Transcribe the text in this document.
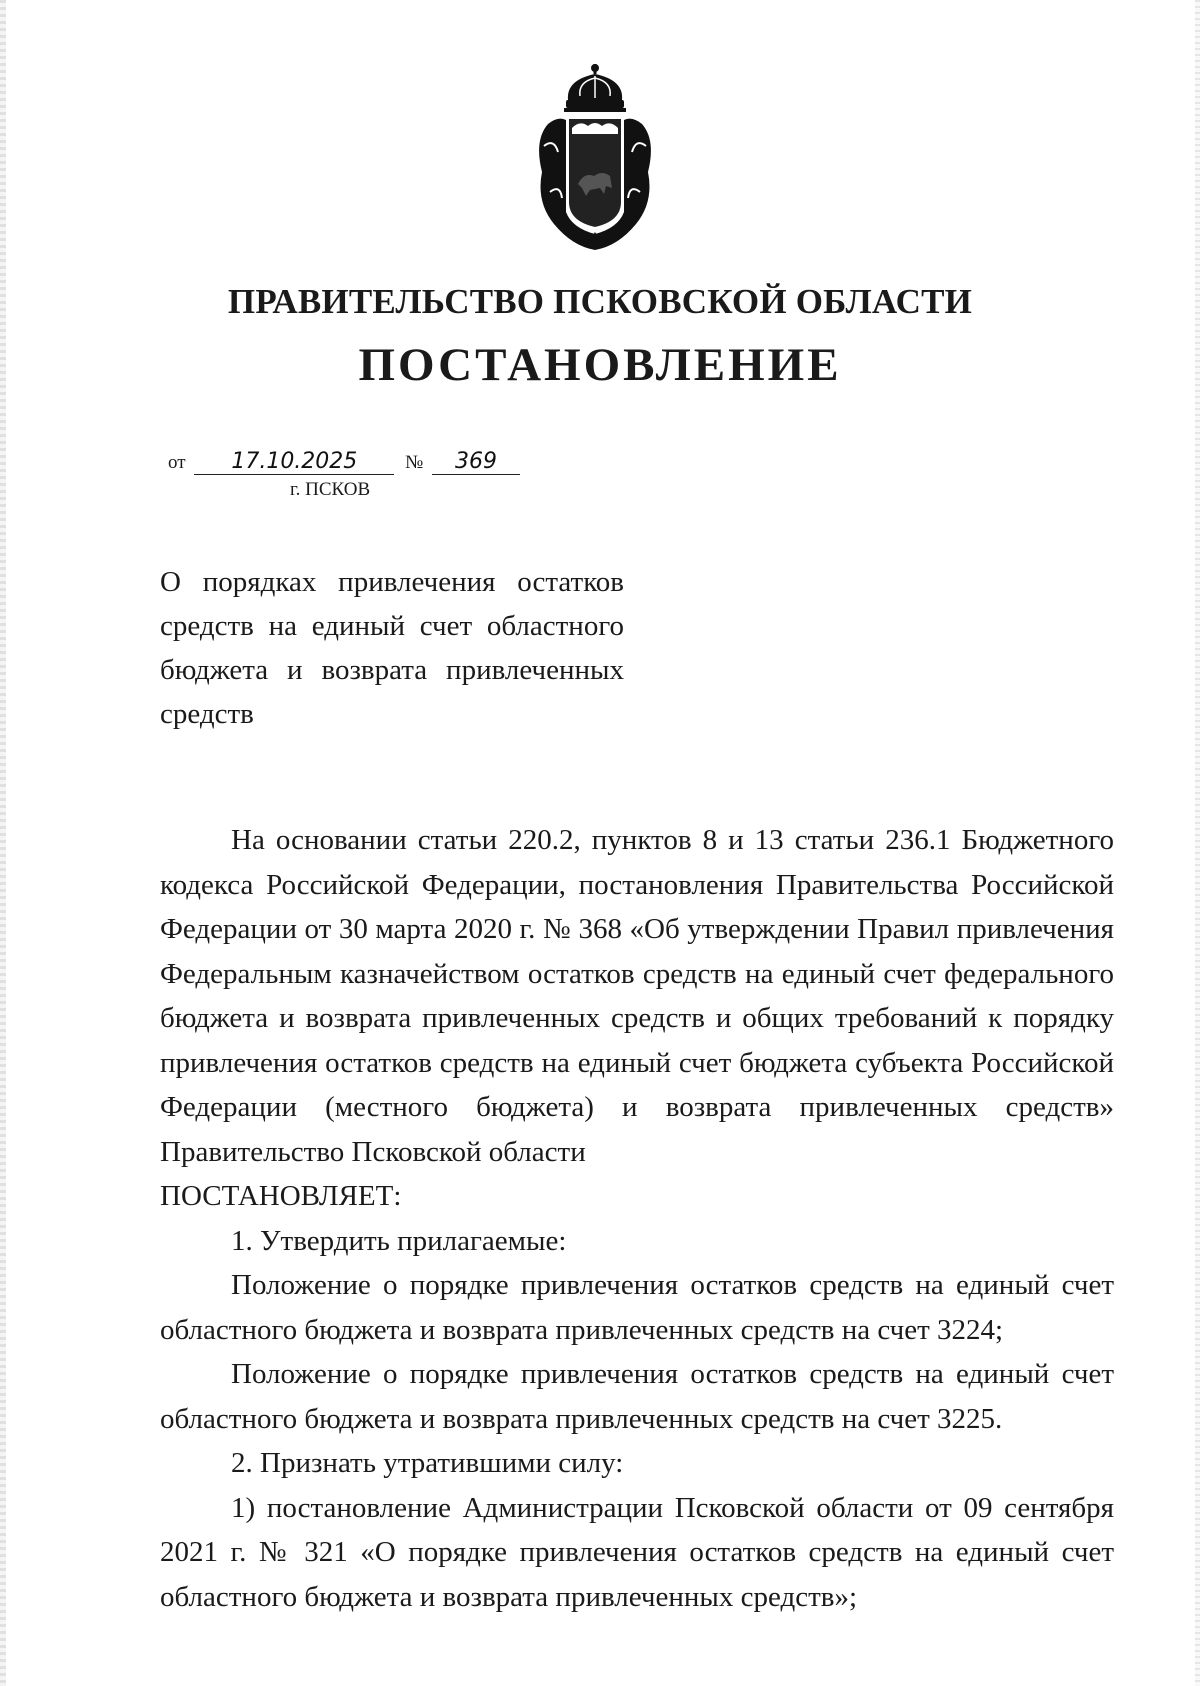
ПРАВИТЕЛЬСТВО ПСКОВСКОЙ ОБЛАСТИ
ПОСТАНОВЛЕНИЕ
от 17.10.2025	№ 369
г. ПСКОВ
О порядках привлечения остатков средств на единый счет областного бюджета и возврата привлеченных средств

На основании статьи 220.2, пунктов 8 и 13 статьи 236.1 Бюджетного кодекса Российской Федерации, постановления Правительства Российской Федерации от 30 марта 2020 г. № 368 «Об утверждении Правил привлечения Федеральным казначейством остатков средств на единый счет федерального бюджета и возврата привлеченных средств и общих требований к порядку привлечения остатков средств на единый счет бюджета субъекта Российской Федерации (местного бюджета) и возврата привлеченных средств» Правительство Псковской области

ПОСТАНОВЛЯЕТ:

1. Утвердить прилагаемые:

Положение о порядке привлечения остатков средств на единый счет областного бюджета и возврата привлеченных средств на счет 3224;

Положение о порядке привлечения остатков средств на единый счет областного бюджета и возврата привлеченных средств на счет 3225.

2. Признать утратившими силу:

1) постановление Администрации Псковской области от 09 сентября 2021 г. № 321 «О порядке привлечения остатков средств на единый счет областного бюджета и возврата привлеченных средств»;
